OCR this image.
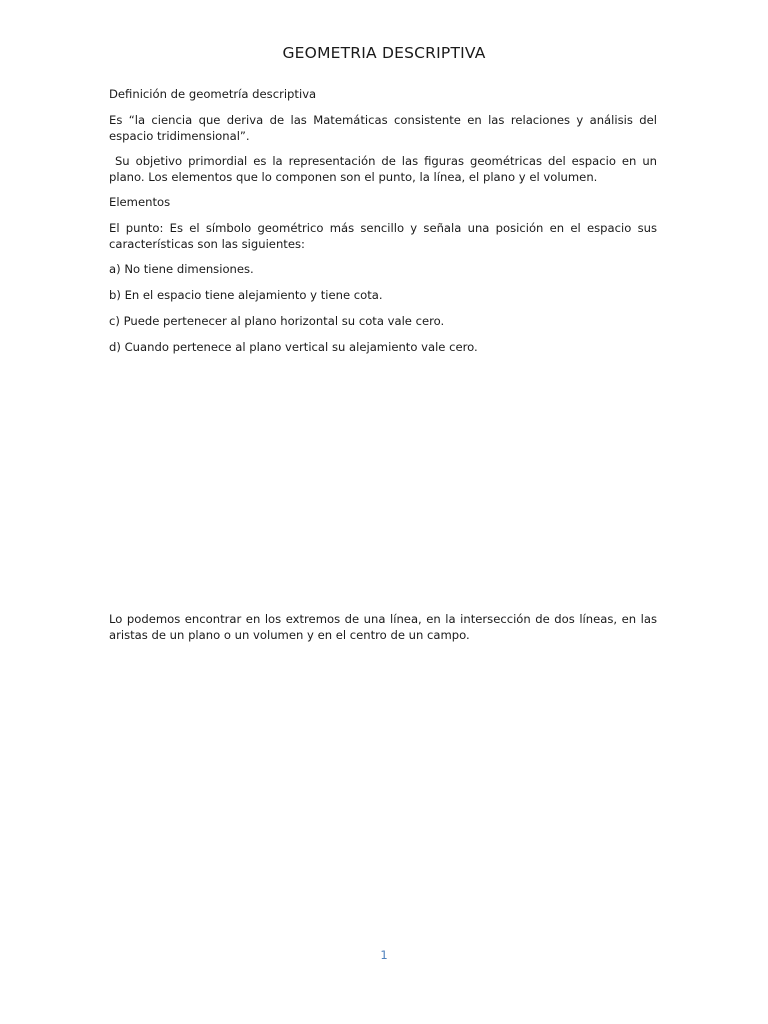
GEOMETRIA DESCRIPTIVA

Definición de geometría descriptiva

Es “la ciencia que deriva de las Matemáticas consistente en las relaciones y análisis del espacio tridimensional”.

Su objetivo primordial es la representación de las figuras geométricas del espacio en un plano. Los elementos que lo componen son el punto, la línea, el plano y el volumen.

Elementos

El punto: Es el símbolo geométrico más sencillo y señala una posición en el espacio sus características son las siguientes:

a) No tiene dimensiones.

b) En el espacio tiene alejamiento y tiene cota.

c) Puede pertenecer al plano horizontal su cota vale cero.

d) Cuando pertenece al plano vertical su alejamiento vale cero.

Lo podemos encontrar en los extremos de una línea, en la intersección de dos líneas, en las aristas de un plano o un volumen y en el centro de un campo.

1
